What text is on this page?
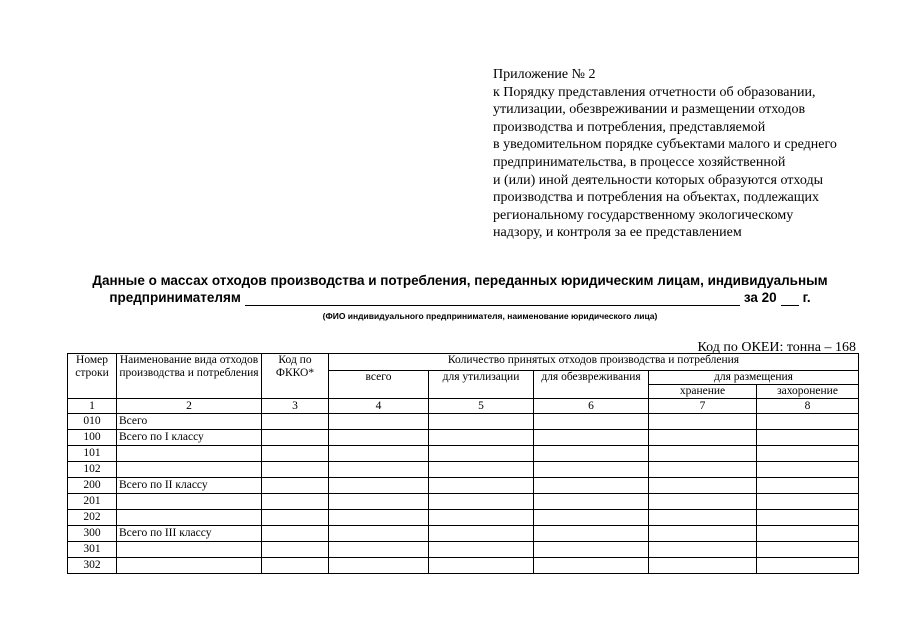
Приложение № 2
к Порядку представления отчетности об образовании,
утилизации, обезвреживании и размещении отходов
производства и потребления, представляемой
в уведомительном порядке субъектами малого и среднего
предпринимательства, в процессе хозяйственной
и (или) иной деятельности которых образуются отходы
производства и потребления на объектах, подлежащих
региональному государственному экологическому
надзору, и контроля за ее представлением
Данные о массах отходов производства и потребления, переданных юридическим лицам, индивидуальным
предпринимателям	за 20 г.
(ФИО индивидуального предпринимателя, наименование юридического лица)
Код по ОКЕИ: тонна – 168
Номер строки	Наименование вида отходов производства и потребления	Код по ФККО*	Количество принятых отходов производства и потребления				
			всего	для утилизации	для обезвреживания	для размещения	
						хранение	захоронение
1	2	3	4	5	6	7	8
010	Всего						
100	Всего по I классу						
101							
102							
200	Всего по II классу						
201							
202							
300	Всего по III классу						
301							
302							
